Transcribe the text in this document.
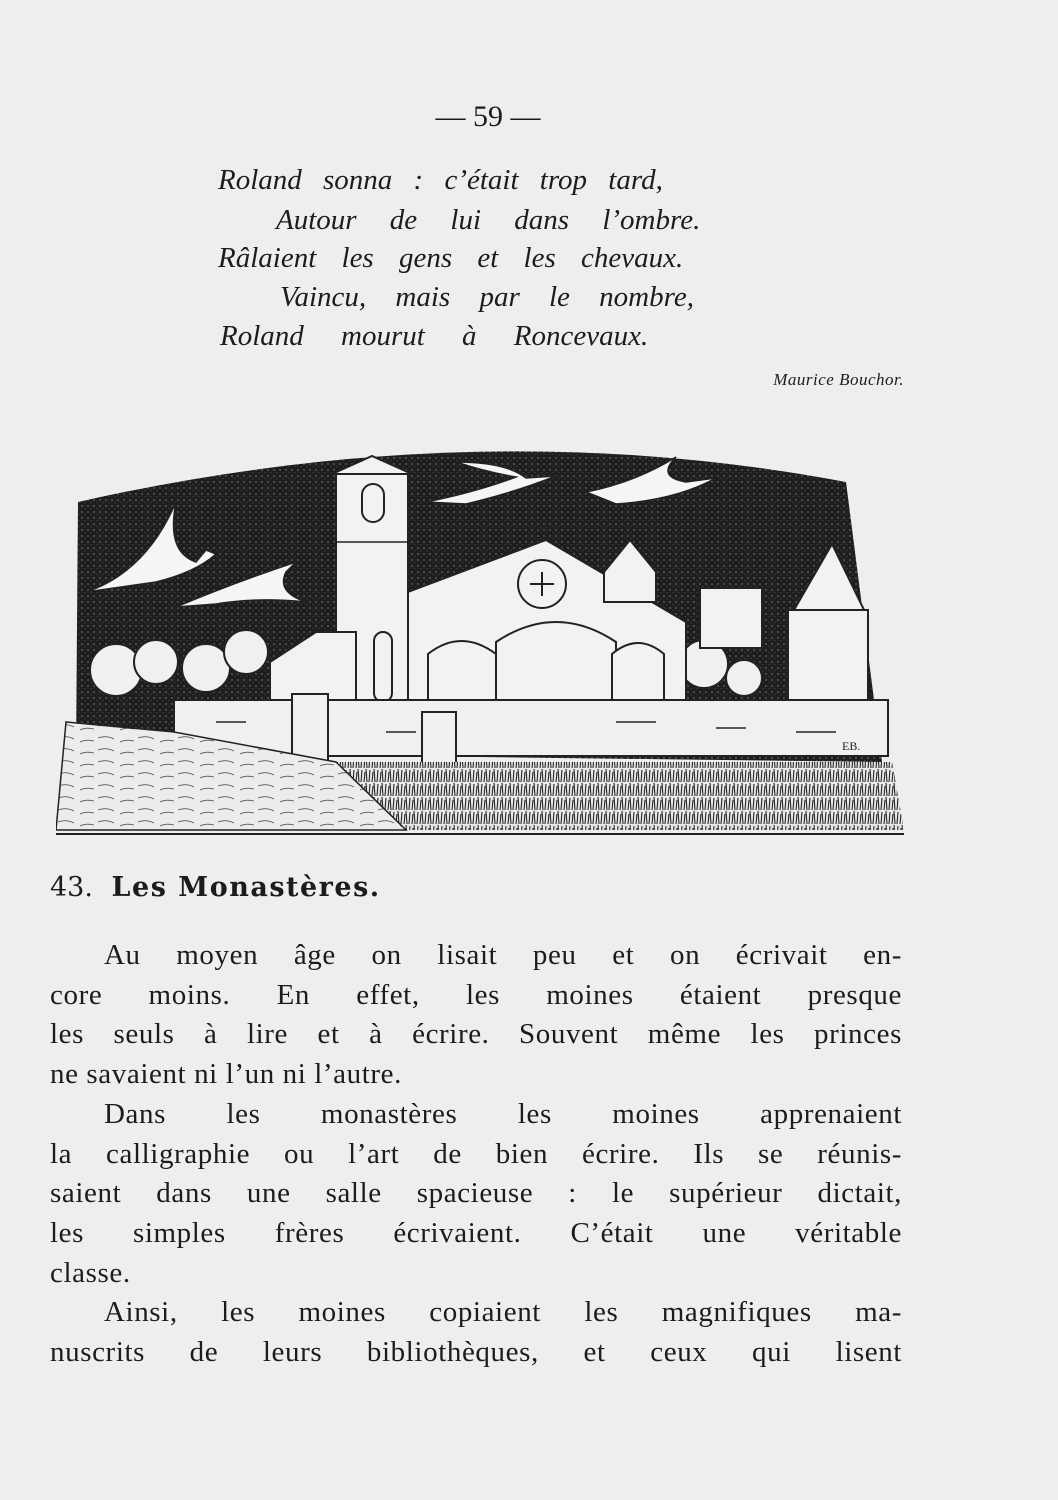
— 59 —
Roland sonna : c’était trop tard,
Autour de lui dans l’ombre.
Râlaient les gens et les chevaux.
Vaincu, mais par le nombre,
Roland mourut à Roncevaux.
Maurice Bouchor.
EB.
43. Les Monastères.
Au moyen âge on lisait peu et on écrivait en-
core moins. En effet, les moines étaient presque
les seuls à lire et à écrire. Souvent même les princes
ne savaient ni l’un ni l’autre.
Dans les monastères les moines apprenaient
la calligraphie ou l’art de bien écrire. Ils se réunis-
saient dans une salle spacieuse : le supérieur dictait,
les simples frères écrivaient. C’était une véritable
classe.
Ainsi, les moines copiaient les magnifiques ma-
nuscrits de leurs bibliothèques, et ceux qui lisent
